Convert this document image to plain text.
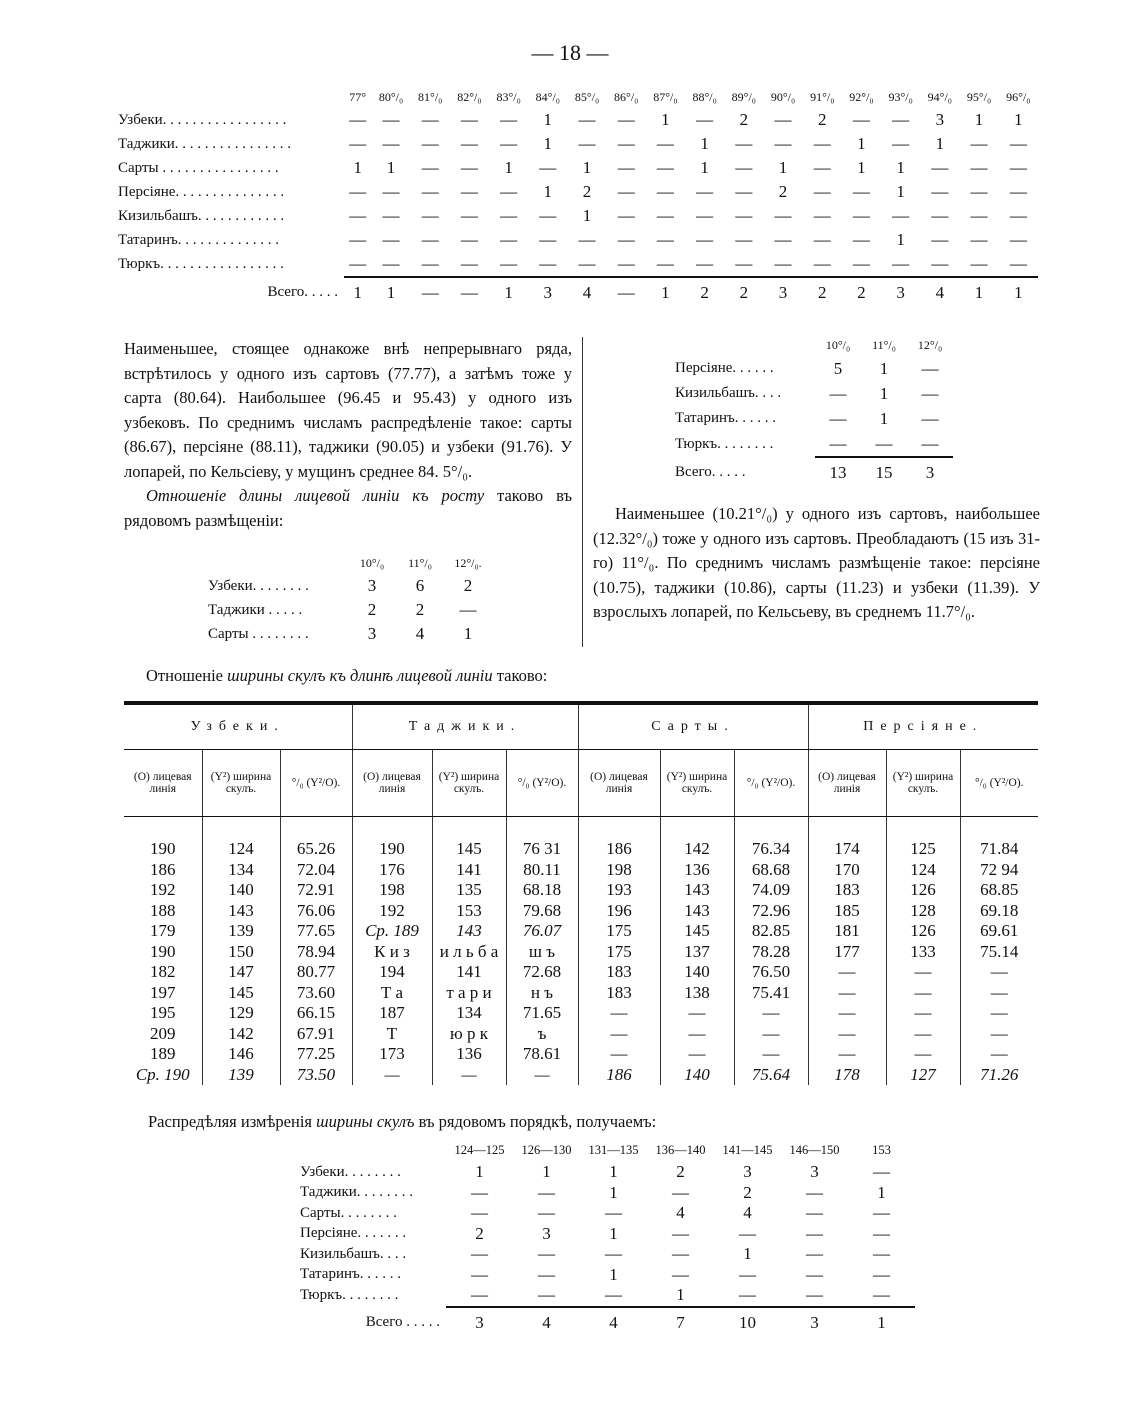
— 18 —
	77°	80°/₀	81°/₀	82°/₀	83°/₀	84°/₀	85°/₀	86°/₀	87°/₀	88°/₀	89°/₀	90°/₀	91°/₀	92°/₀	93°/₀	94°/₀	95°/₀	96°/₀
Узбеки. . . . . . . . . . . . . . . . .	—	—	—	—	—	1	—	—	1	—	2	—	2	—	—	3	1	1
Таджики. . . . . . . . . . . . . . . .	—	—	—	—	—	1	—	—	—	1	—	—	—	1	—	1	—	—
Сарты . . . . . . . . . . . . . . . .	1	1	—	—	1	—	1	—	—	1	—	1	—	1	1	—	—	—
Персіяне. . . . . . . . . . . . . . .	—	—	—	—	—	1	2	—	—	—	—	2	—	—	1	—	—	—
Кизильбашъ. . . . . . . . . . . .	—	—	—	—	—	—	1	—	—	—	—	—	—	—	—	—	—	—
Татаринъ. . . . . . . . . . . . . .	—	—	—	—	—	—	—	—	—	—	—	—	—	—	1	—	—	—
Тюркъ. . . . . . . . . . . . . . . . .	—	—	—	—	—	—	—	—	—	—	—	—	—	—	—	—	—	—
Всего. . . . .	1	1	—	—	1	3	4	—	1	2	2	3	2	2	3	4	1	1
Наименьшее, стоящее однакоже внѣ непрерывнаго ряда, встрѣтилось у одного изъ сартовъ (77.77), а затѣмъ тоже у сарта (80.64). Наибольшее (96.45 и 95.43) у одного изъ узбековъ. По среднимъ числамъ распредѣленіе такое: сарты (86.67), персіяне (88.11), таджики (90.05) и узбеки (91.76). У лопарей, по Кельсіеву, у мущинъ среднее 84. 5°/₀.
Отношеніе длины лицевой линіи къ росту таково въ рядовомъ размѣщеніи:
	10°/₀	11°/₀	12°/₀.
Узбеки. . . . . . . .	3	6	2
Таджики . . . . .	2	2	—
Сарты . . . . . . . .	3	4	1
	10°/₀	11°/₀	12°/₀
Персіяне. . . . . .	5	1	—
Кизильбашъ. . . .	—	1	—
Татаринъ. . . . . .	—	1	—
Тюркъ. . . . . . . .	—	—	—
Всего. . . . .	13	15	3
Наименьшее (10.21°/₀) у одного изъ сартовъ, наибольшее (12.32°/₀) тоже у одного изъ сартовъ. Преобладаютъ (15 изъ 31-го) 11°/₀. По среднимъ числамъ размѣщеніе такое: персіяне (10.75), таджики (10.86), сарты (11.23) и узбеки (11.39). У взрослыхъ лопарей, по Кельсьеву, въ среднемъ 11.7°/₀.
Отношеніе ширины скулъ къ длинѣ лицевой линіи таково:
Узбеки.			Таджики.			Сарты.			Персіяне.		
(O) лицевая линія	(Y²) ширина скулъ.	°/₀ (Y²/O).	(O) лицевая линія	(Y²) ширина скулъ.	°/₀ (Y²/O).	(O) лицевая линія	(Y²) ширина скулъ.	°/₀ (Y²/O).	(O) лицевая линія	(Y²) ширина скулъ.	°/₀ (Y²/O).

190	124	65.26	190	145	76 31	186	142	76.34	174	125	71.84
186	134	72.04	176	141	80.11	198	136	68.68	170	124	72 94
192	140	72.91	198	135	68.18	193	143	74.09	183	126	68.85
188	143	76.06	192	153	79.68	196	143	72.96	185	128	69.18
179	139	77.65	Ср. 189	143	76.07	175	145	82.85	181	126	69.61
190	150	78.94	К и з	и л ь б а	ш ъ	175	137	78.28	177	133	75.14
182	147	80.77	194	141	72.68	183	140	76.50	—	—	—
197	145	73.60	Т а	т а р и	н ъ	183	138	75.41	—	—	—
195	129	66.15	187	134	71.65	—	—	—	—	—	—
209	142	67.91	Т	ю р к	ъ	—	—	—	—	—	—
189	146	77.25	173	136	78.61	—	—	—	—	—	—
Ср. 190	139	73.50	—	—	—	186	140	75.64	178	127	71.26
Распредѣляя измѣренія ширины скулъ въ рядовомъ порядкѣ, получаемъ:
	124—125	126—130	131—135	136—140	141—145	146—150	153
Узбеки. . . . . . . .	1	1	1	2	3	3	—
Таджики. . . . . . . .	—	—	1	—	2	—	1
Сарты. . . . . . . .	—	—	—	4	4	—	—
Персіяне. . . . . . .	2	3	1	—	—	—	—
Кизильбашъ. . . .	—	—	—	—	1	—	—
Татаринъ. . . . . .	—	—	1	—	—	—	—
Тюркъ. . . . . . . .	—	—	—	1	—	—	—
Всего . . . . .	3	4	4	7	10	3	1
